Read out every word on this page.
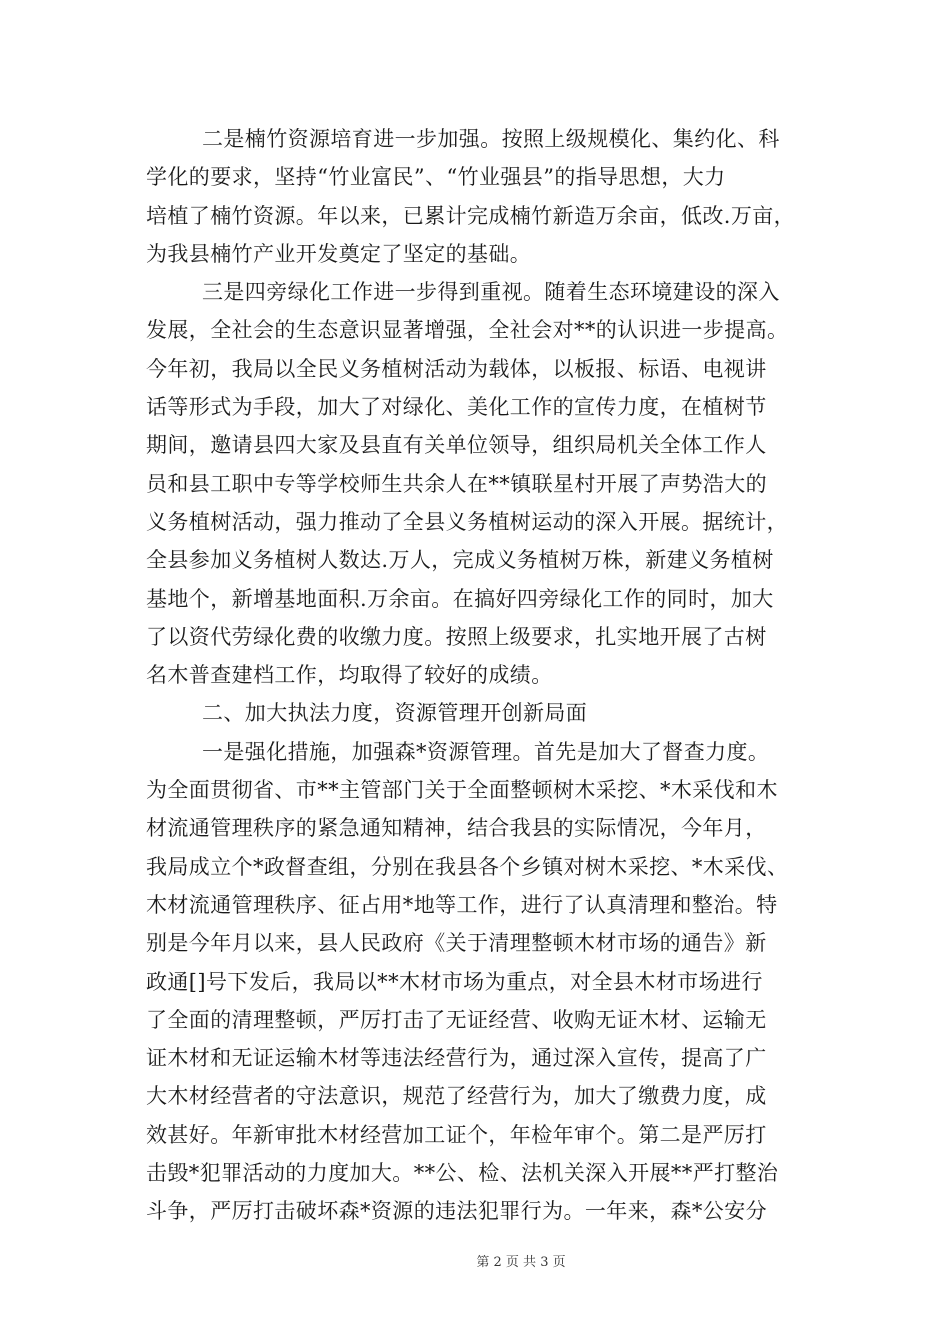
二是楠竹资源培育进一步加强。按照上级规模化、集约化、科
学化的要求，坚持“竹业富民”、“竹业强县”的指导思想，大力
培植了楠竹资源。年以来，已累计完成楠竹新造万余亩，低改.万亩，
为我县楠竹产业开发奠定了坚定的基础。
三是四旁绿化工作进一步得到重视。随着生态环境建设的深入
发展，全社会的生态意识显著增强，全社会对**的认识进一步提高。
今年初，我局以全民义务植树活动为载体，以板报、标语、电视讲
话等形式为手段，加大了对绿化、美化工作的宣传力度，在植树节
期间，邀请县四大家及县直有关单位领导，组织局机关全体工作人
员和县工职中专等学校师生共余人在**镇联星村开展了声势浩大的
义务植树活动，强力推动了全县义务植树运动的深入开展。据统计，
全县参加义务植树人数达.万人，完成义务植树万株，新建义务植树
基地个，新增基地面积.万余亩。在搞好四旁绿化工作的同时，加大
了以资代劳绿化费的收缴力度。按照上级要求，扎实地开展了古树
名木普查建档工作，均取得了较好的成绩。
二、加大执法力度，资源管理开创新局面
一是强化措施，加强森*资源管理。首先是加大了督查力度。
为全面贯彻省、市**主管部门关于全面整顿树木采挖、*木采伐和木
材流通管理秩序的紧急通知精神，结合我县的实际情况，今年月，
我局成立个*政督查组，分别在我县各个乡镇对树木采挖、*木采伐、
木材流通管理秩序、征占用*地等工作，进行了认真清理和整治。特
别是今年月以来，县人民政府《关于清理整顿木材市场的通告》新
政通[]号下发后，我局以**木材市场为重点，对全县木材市场进行
了全面的清理整顿，严厉打击了无证经营、收购无证木材、运输无
证木材和无证运输木材等违法经营行为，通过深入宣传，提高了广
大木材经营者的守法意识，规范了经营行为，加大了缴费力度，成
效甚好。年新审批木材经营加工证个，年检年审个。第二是严厉打
击毁*犯罪活动的力度加大。**公、检、法机关深入开展**严打整治
斗争，严厉打击破坏森*资源的违法犯罪行为。一年来，森*公安分
第 2 页 共 3 页
